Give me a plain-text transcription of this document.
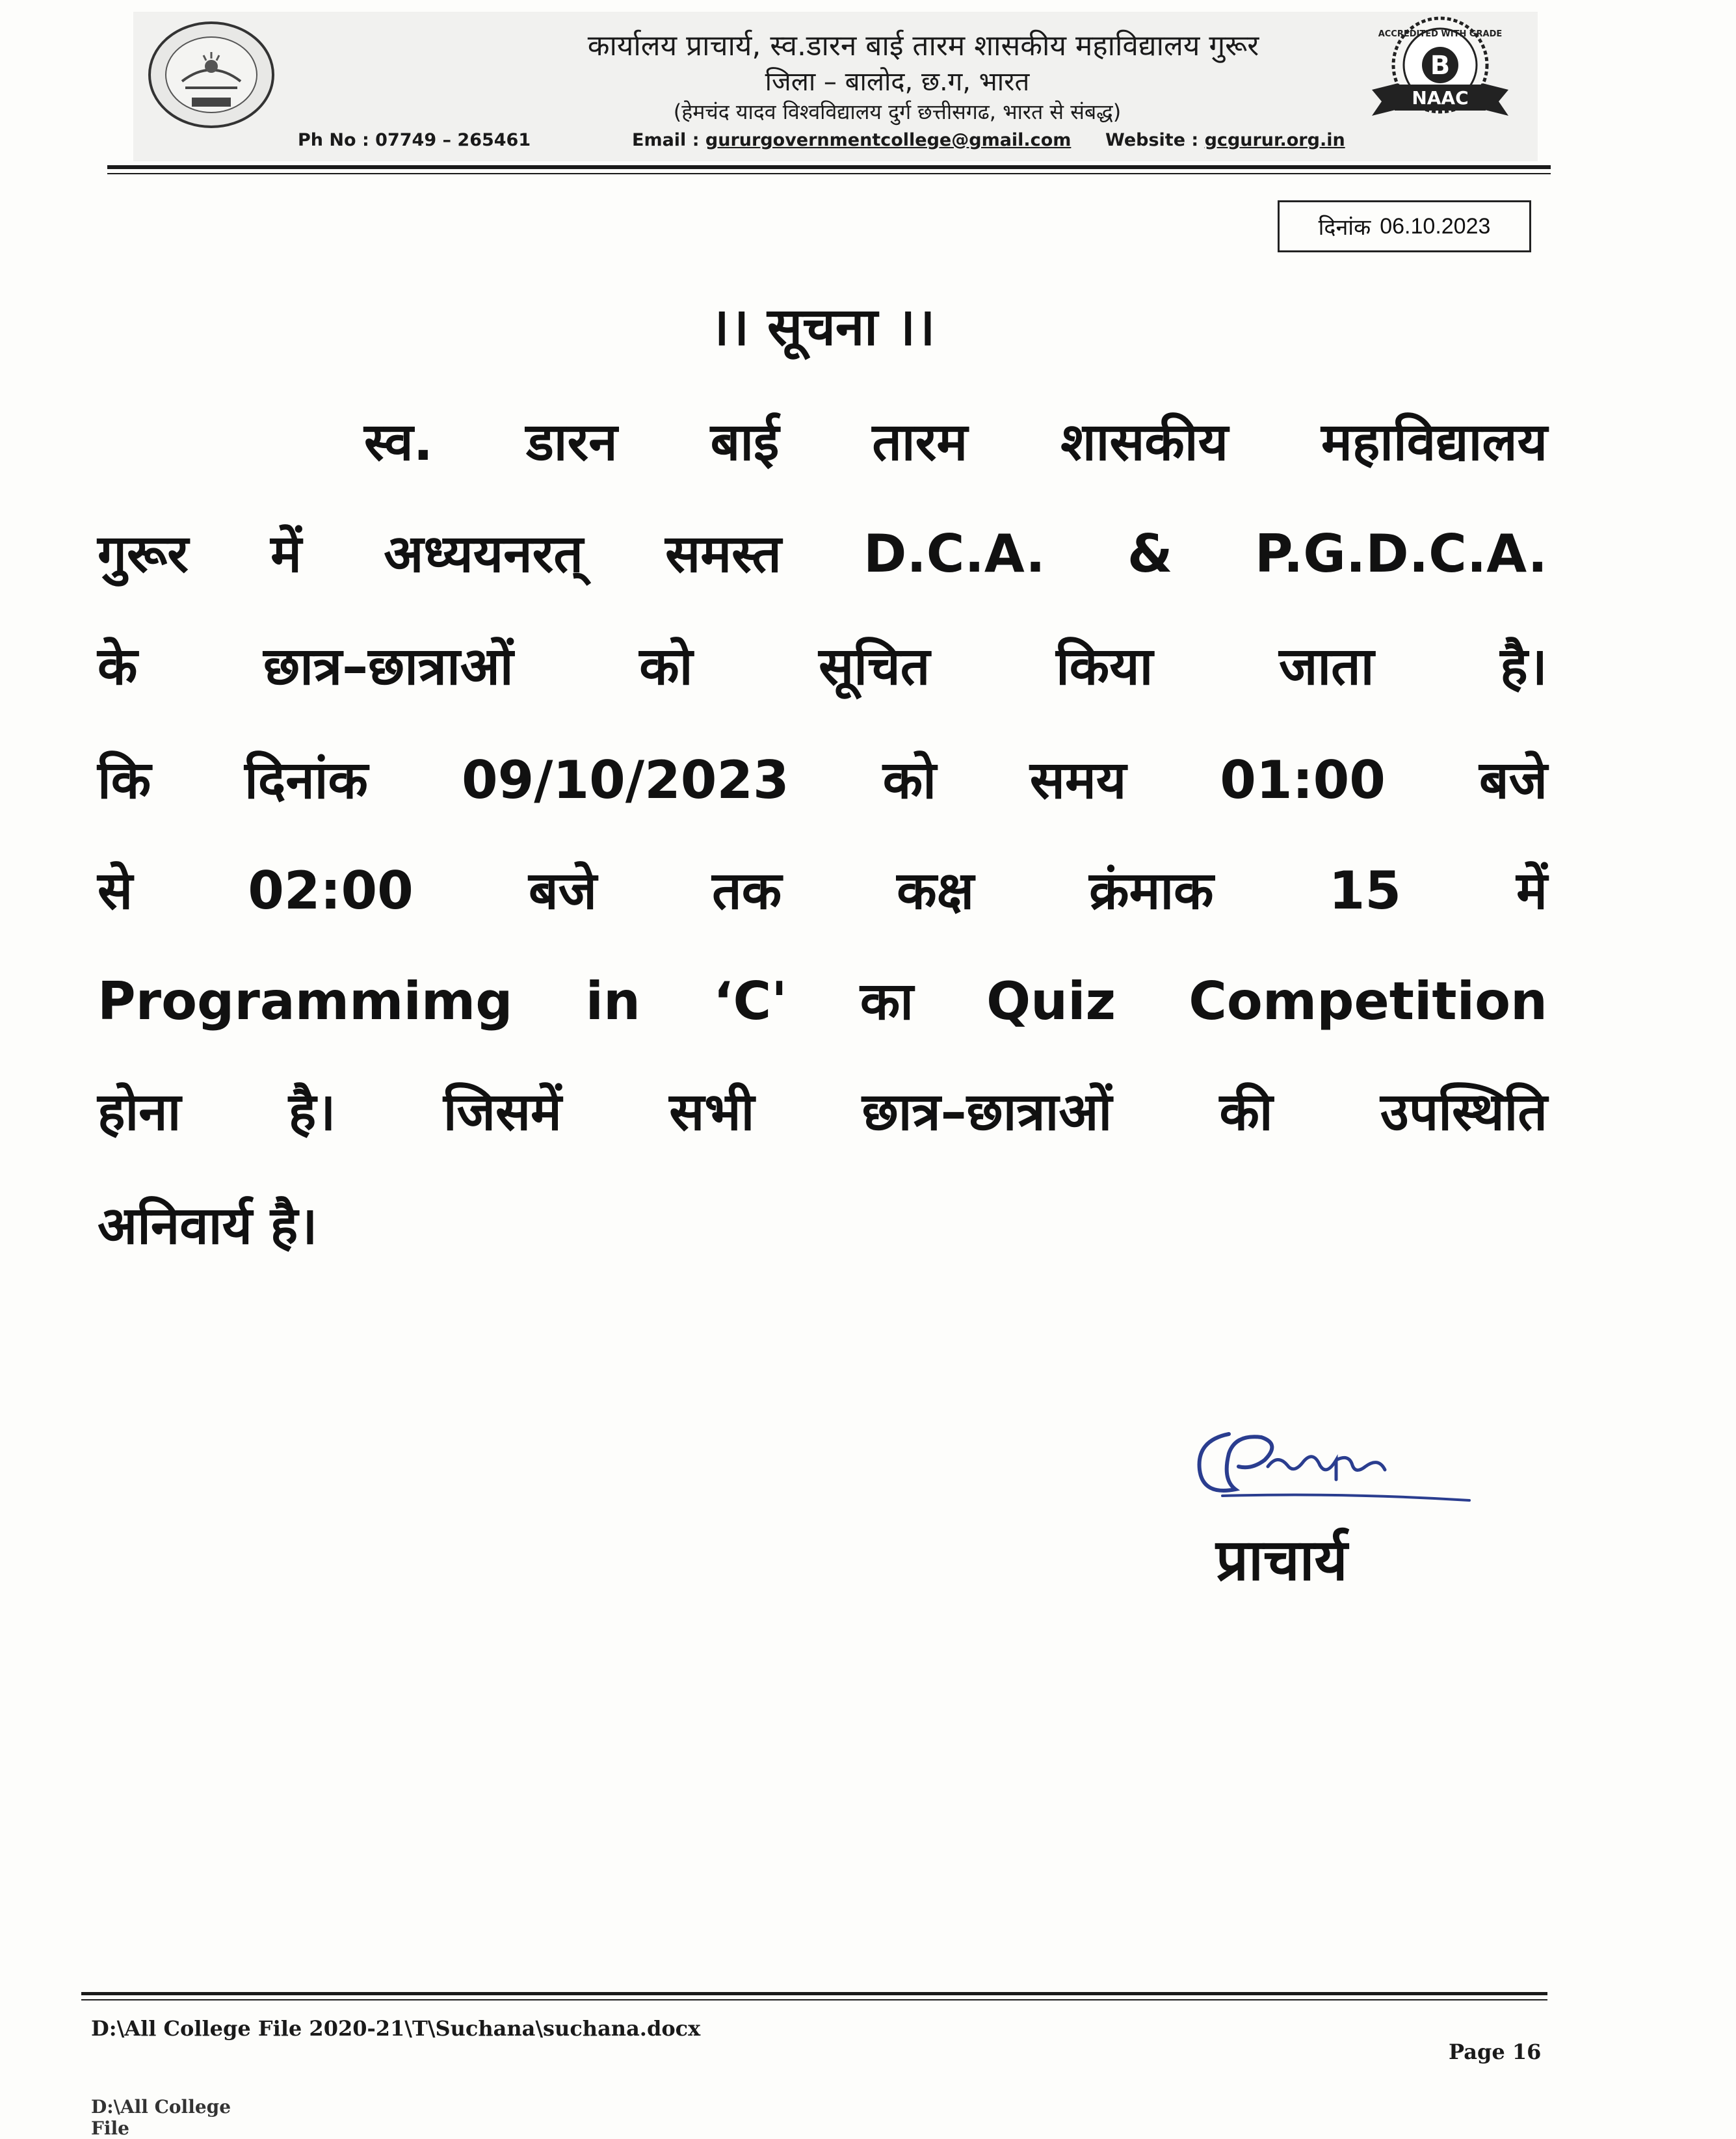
ACCREDITED WITH GRADE
B
NAAC
कार्यालय प्राचार्य, स्व.डारन बाई तारम शासकीय महाविद्यालय गुरूर
जिला – बालोद, छ.ग, भारत
(हेमचंद यादव विश्वविद्यालय दुर्ग छत्तीसगढ, भारत से संबद्ध)
Ph No : 07749 – 265461	Email : gururgovernmentcollege@gmail.com Website : gcgurur.org.in
दिनांक 06.10.2023
।। सूचना ।।
स्व. डारन बाई तारम शासकीय महाविद्यालय
गुरूर में अध्ययनरत् समस्त D.C.A. & P.G.D.C.A.
के छात्र–छात्राओं को सूचित किया जाता है।
कि दिनांक 09/10/2023 को समय 01:00 बजे
से 02:00 बजे तक कक्ष क्रंमाक 15 में
Programmimg in ‘C' का Quiz Competition
होना है। जिसमें सभी छात्र–छात्राओं की उपस्थिति
अनिवार्य है।
प्राचार्य
D:\All College File 2020-21\T\Suchana\suchana.docx
Page 16
D:\All College File
